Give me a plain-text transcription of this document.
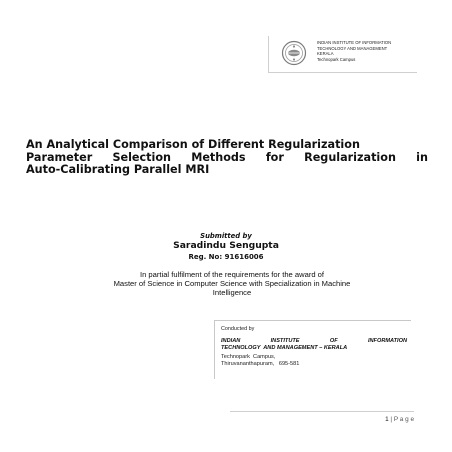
INDIAN INSTITUTE OF INFORMATION
TECHNOLOGY AND MANAGEMENT
KERALA
Technopark Campus
An Analytical Comparison of Different Regularization
Parameter Selection Methods for Regularization in
Auto-Calibrating Parallel MRI
Submitted by
Saradindu Sengupta
Reg. No: 91616006
In partial fulfilment of the requirements for the award of
Master of Science in Computer Science with Specialization in Machine
Intelligence
Conducted by
INDIAN	INSTITUTE	OF	INFORMATION
TECHNOLOGY  AND MANAGEMENT – KERALA
Technopark  Campus,
Thiruvananthapuram,   695-581
1 | P a g e
